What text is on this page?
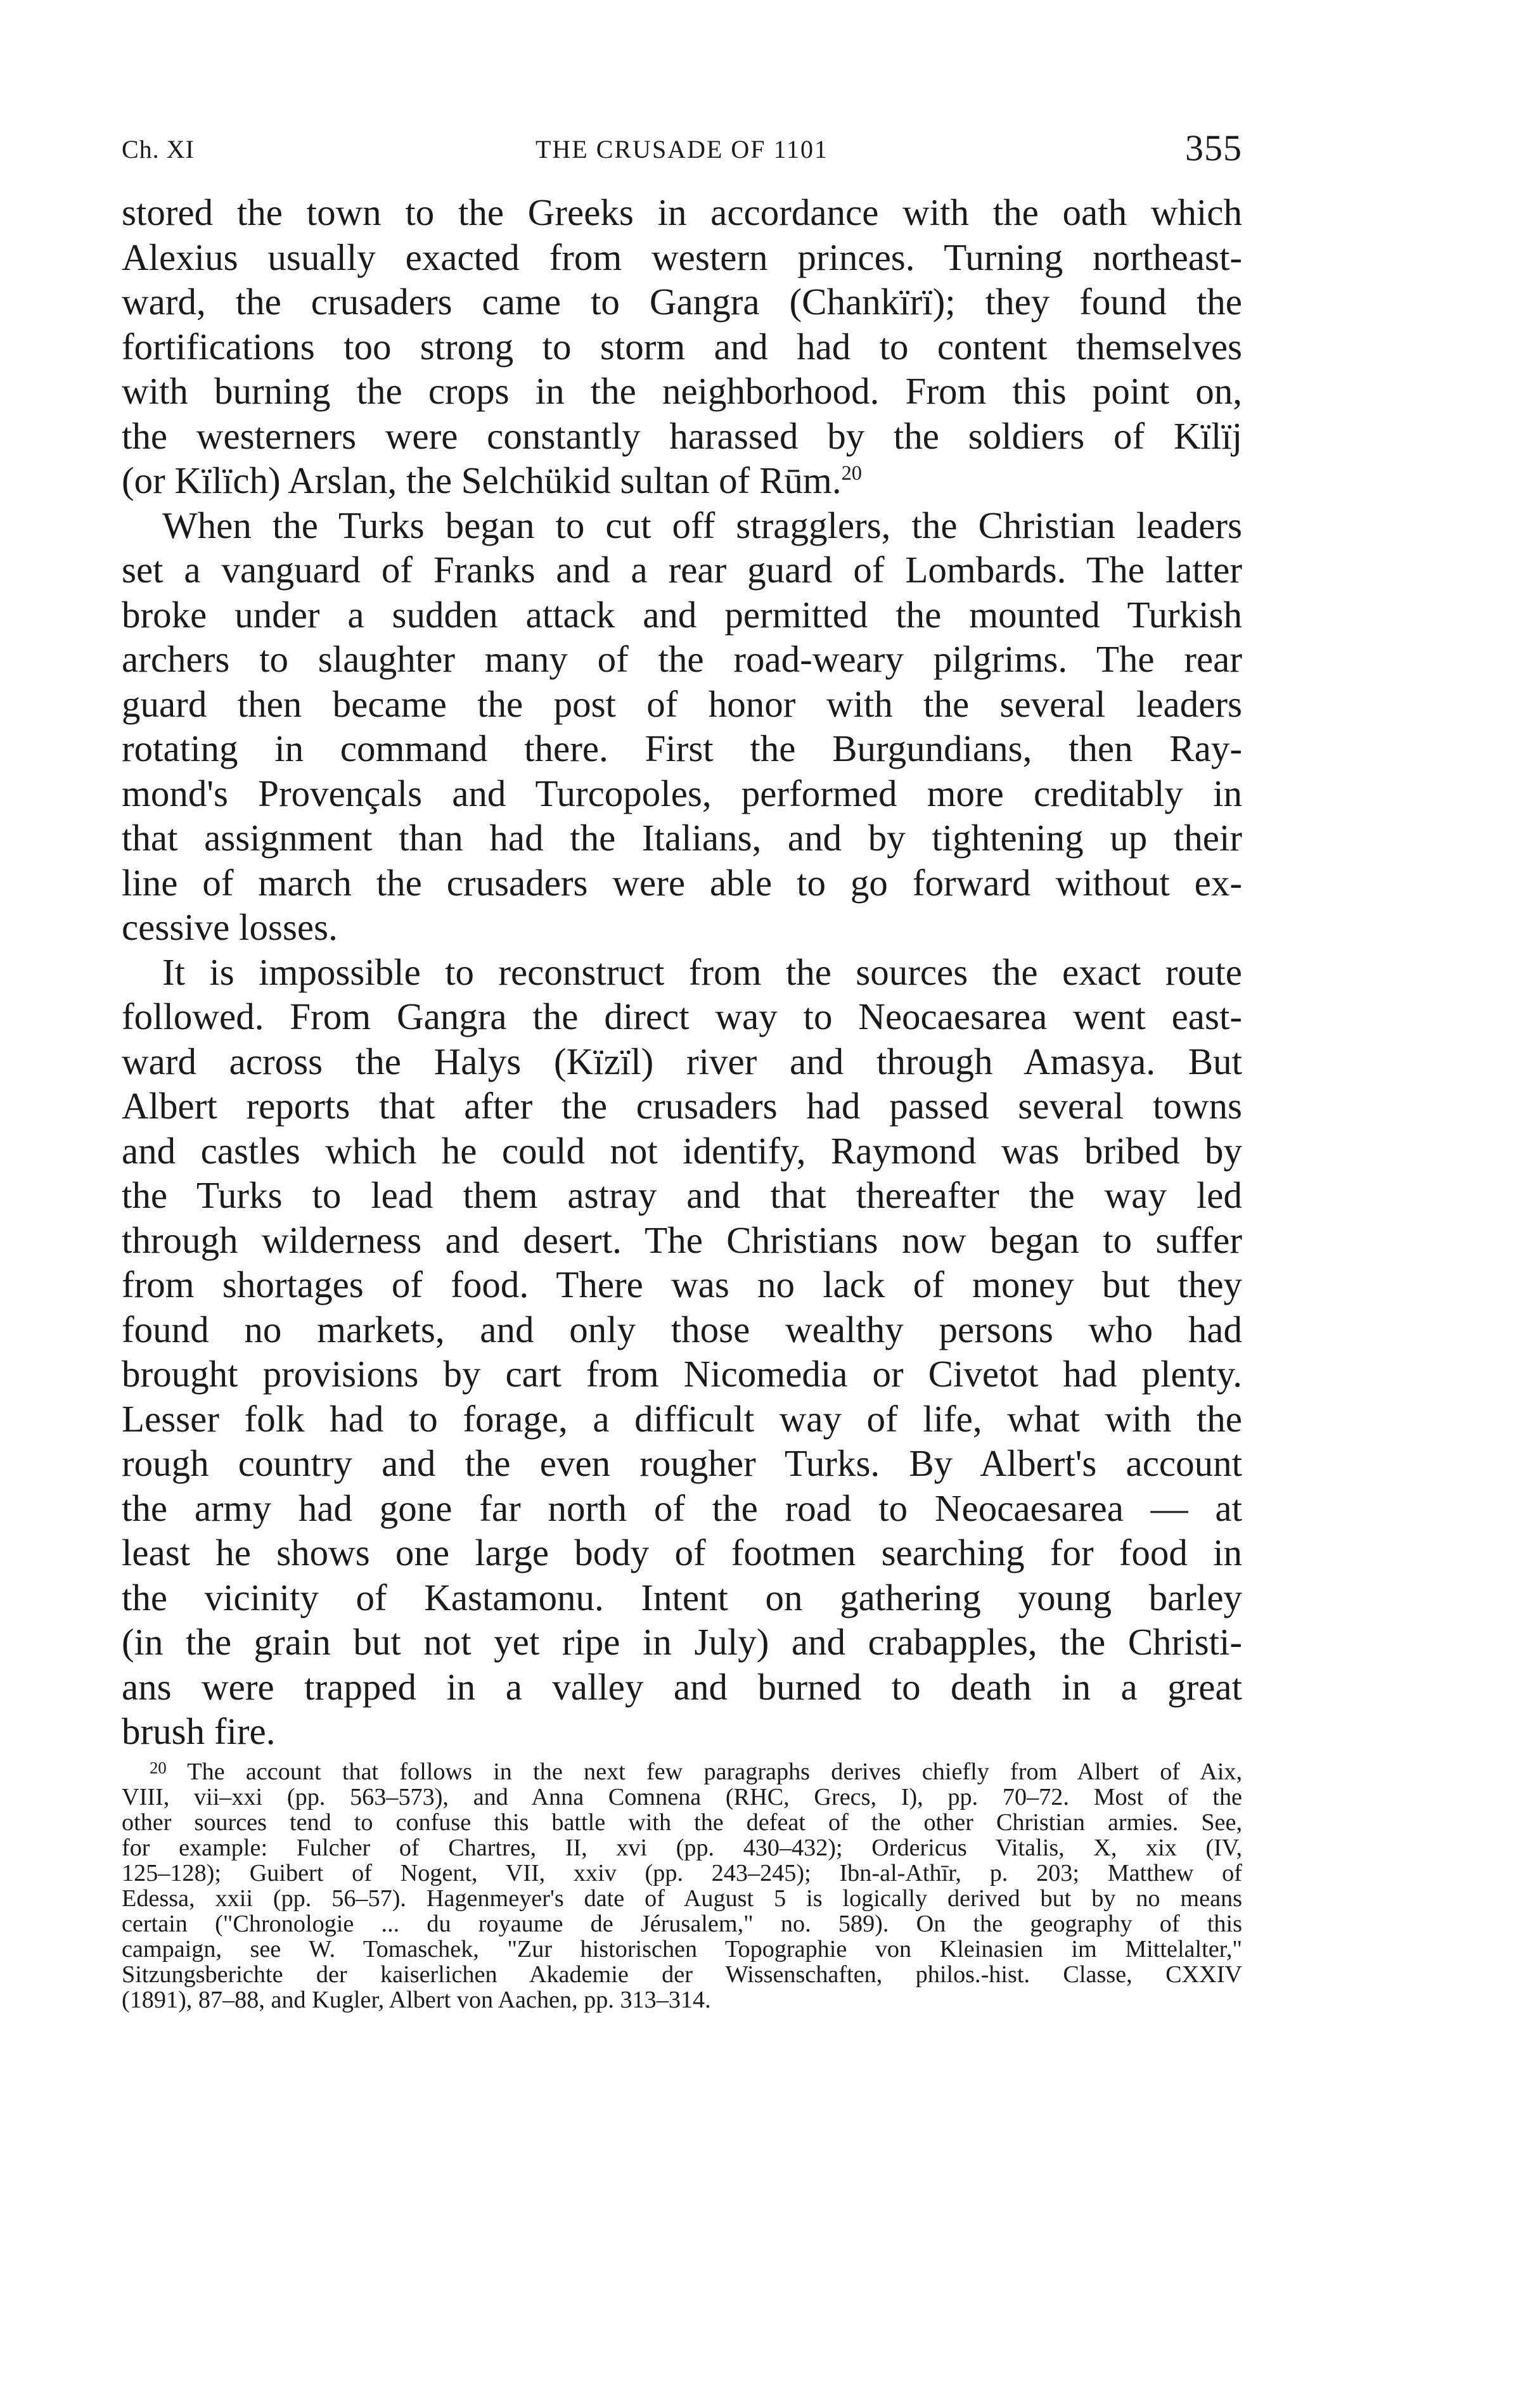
Ch. XI	THE CRUSADE OF 1101	355
stored the town to the Greeks in accordance with the oath which
Alexius usually exacted from western princes. Turning northeast-
ward, the crusaders came to Gangra (Chankïrï); they found the
fortifications too strong to storm and had to content themselves
with burning the crops in the neighborhood. From this point on,
the westerners were constantly harassed by the soldiers of Kïlïj
(or Kïlïch) Arslan, the Selchükid sultan of Rūm.$^{20}$
When the Turks began to cut off stragglers, the Christian leaders
set a vanguard of Franks and a rear guard of Lombards. The latter
broke under a sudden attack and permitted the mounted Turkish
archers to slaughter many of the road-weary pilgrims. The rear
guard then became the post of honor with the several leaders
rotating in command there. First the Burgundians, then Ray-
mond's Provençals and Turcopoles, performed more creditably in
that assignment than had the Italians, and by tightening up their
line of march the crusaders were able to go forward without ex-
cessive losses.
It is impossible to reconstruct from the sources the exact route
followed. From Gangra the direct way to Neocaesarea went east-
ward across the Halys (Kïzïl) river and through Amasya. But
Albert reports that after the crusaders had passed several towns
and castles which he could not identify, Raymond was bribed by
the Turks to lead them astray and that thereafter the way led
through wilderness and desert. The Christians now began to suffer
from shortages of food. There was no lack of money but they
found no markets, and only those wealthy persons who had
brought provisions by cart from Nicomedia or Civetot had plenty.
Lesser folk had to forage, a difficult way of life, what with the
rough country and the even rougher Turks. By Albert's account
the army had gone far north of the road to Neocaesarea — at
least he shows one large body of footmen searching for food in
the vicinity of Kastamonu. Intent on gathering young barley
(in the grain but not yet ripe in July) and crabapples, the Christi-
ans were trapped in a valley and burned to death in a great
brush fire.
$^{20}$ The account that follows in the next few paragraphs derives chiefly from Albert of Aix,
VIII, vii–xxi (pp. 563–573), and Anna Comnena (RHC, Grecs, I), pp. 70–72. Most of the
other sources tend to confuse this battle with the defeat of the other Christian armies. See,
for example: Fulcher of Chartres, II, xvi (pp. 430–432); Ordericus Vitalis, X, xix (IV,
125–128); Guibert of Nogent, VII, xxiv (pp. 243–245); Ibn-al-Athīr, p. 203; Matthew of
Edessa, xxii (pp. 56–57). Hagenmeyer's date of August 5 is logically derived but by no means
certain ("Chronologie ... du royaume de Jérusalem," no. 589). On the geography of this
campaign, see W. Tomaschek, "Zur historischen Topographie von Kleinasien im Mittelalter,"
Sitzungsberichte der kaiserlichen Akademie der Wissenschaften, philos.-hist. Classe, CXXIV
(1891), 87–88, and Kugler, Albert von Aachen, pp. 313–314.
